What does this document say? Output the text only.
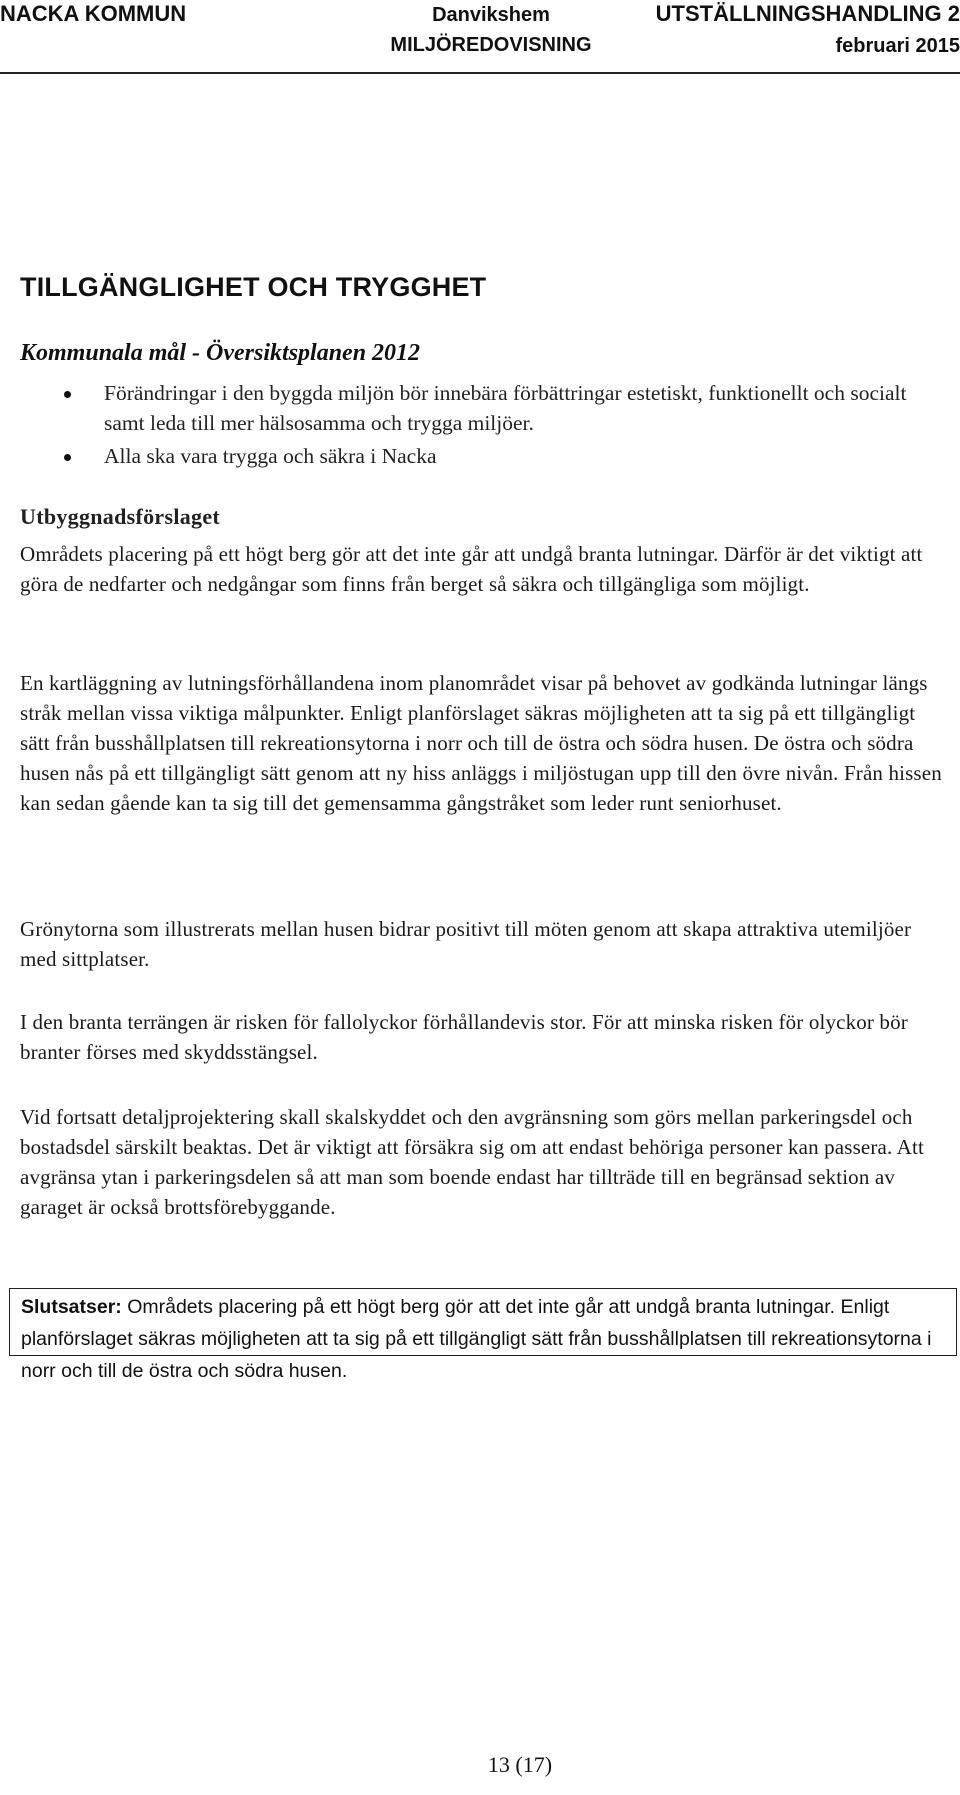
NACKA KOMMUN	Danvikshem
MILJÖREDOVISNING
UTSTÄLLNINGSHANDLING 2
februari 2015
TILLGÄNGLIGHET OCH TRYGGHET
Kommunala mål - Översiktsplanen 2012
Förändringar i den byggda miljön bör innebära förbättringar estetiskt, funktionellt och socialt samt leda till mer hälsosamma och trygga miljöer.
Alla ska vara trygga och säkra i Nacka
Utbyggnadsförslaget

Områdets placering på ett högt berg gör att det inte går att undgå branta lutningar. Därför är det viktigt att göra de nedfarter och nedgångar som finns från berget så säkra och tillgängliga som möjligt.

En kartläggning av lutningsförhållandena inom planområdet visar på behovet av godkända lutningar längs stråk mellan vissa viktiga målpunkter. Enligt planförslaget säkras möjligheten att ta sig på ett tillgängligt sätt från busshållplatsen till rekreationsytorna i norr och till de östra och södra husen. De östra och södra husen nås på ett tillgängligt sätt genom att ny hiss anläggs i miljöstugan upp till den övre nivån. Från hissen kan sedan gående kan ta sig till det gemensamma gångstråket som leder runt seniorhuset.

Grönytorna som illustrerats mellan husen bidrar positivt till möten genom att skapa attraktiva utemiljöer med sittplatser.

I den branta terrängen är risken för fallolyckor förhållandevis stor. För att minska risken för olyckor bör branter förses med skyddsstängsel.

Vid fortsatt detaljprojektering skall skalskyddet och den avgränsning som görs mellan parkeringsdel och bostadsdel särskilt beaktas. Det är viktigt att försäkra sig om att endast behöriga personer kan passera. Att avgränsa ytan i parkeringsdelen så att man som boende endast har tillträde till en begränsad sektion av garaget är också brottsförebyggande.

Slutsatser: Områdets placering på ett högt berg gör att det inte går att undgå branta lutningar. Enligt planförslaget säkras möjligheten att ta sig på ett tillgängligt sätt från busshållplatsen till rekreationsytorna i norr och till de östra och södra husen.

13 (17)
